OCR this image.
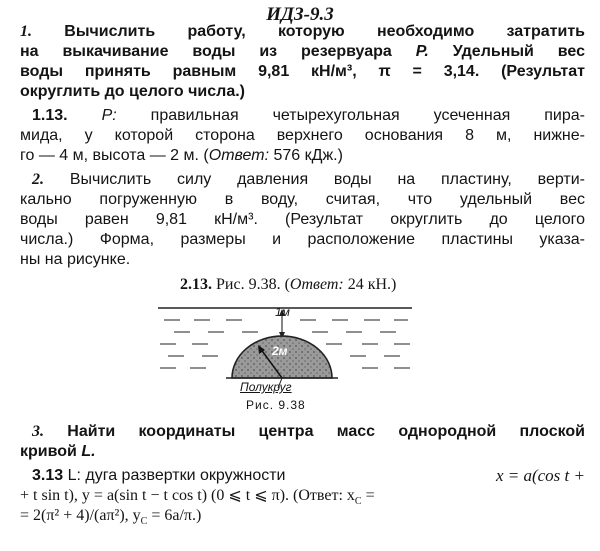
ИДЗ-9.3
1. Вычислить работу, которую необходимо затратить
на выкачивание воды из резервуара P. Удельный вес
воды принять равным 9,81 кН/м³, π = 3,14. (Результат
округлить до целого числа.)
1.13. P: правильная четырехугольная усеченная пира-
мида, у которой сторона верхнего основания 8 м, нижне-
го — 4 м, высота — 2 м. (Ответ: 576 кДж.)
2. Вычислить силу давления воды на пластину, верти-
кально погруженную в воду, считая, что удельный вес
воды равен 9,81 кН/м³. (Результат округлить до целого
числа.) Форма, размеры и расположение пластины указа-
ны на рисунке.
2.13. Рис. 9.38. (Ответ: 24 кН.)
1м
2м
Полукруг
Рис. 9.38
3. Найти координаты центра масс однородной плоской
кривой L.
3.13 L: дуга развертки окружности	x = a(cos t +
+ t sin t), y = a(sin t − t cos t) (0 ⩽ t ⩽ π). (Ответ: $x_C$ =
= 2(π² + 4)/(aπ²), $y_C = 6a/\pi$.)
